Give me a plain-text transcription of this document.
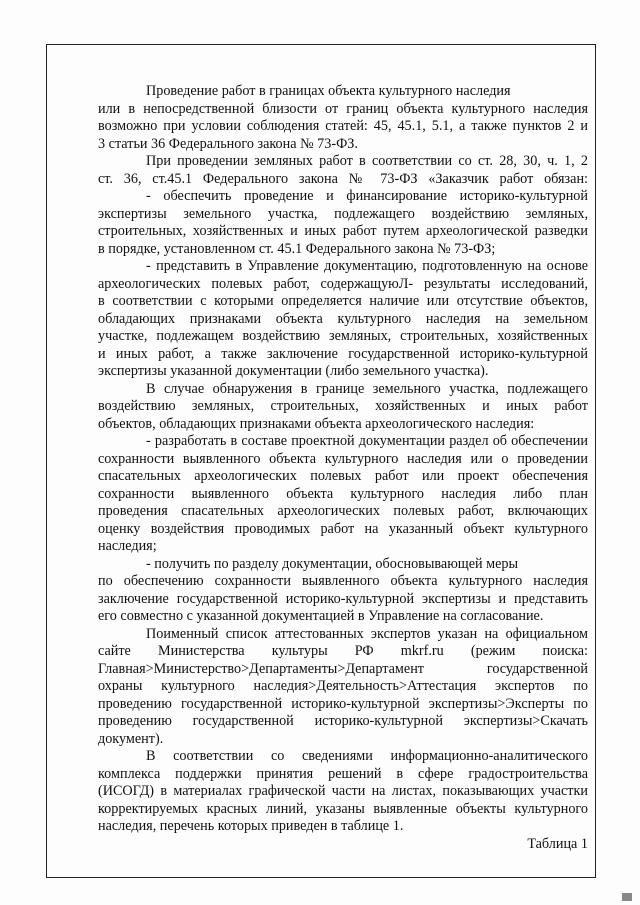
Проведение работ в границах объекта культурного наследия
или в непосредственной близости от границ объекта культурного наследия
возможно при условии соблюдения статей: 45, 45.1, 5.1, а также пунктов 2 и
3 статьи 36 Федерального закона № 73-ФЗ.
При проведении земляных работ в соответствии со ст. 28, 30, ч. 1, 2
ст. 36, ст.45.1 Федерального закона № 73-ФЗ «Заказчик работ обязан:
- обеспечить проведение и финансирование историко-культурной
экспертизы земельного участка, подлежащего воздействию земляных,
строительных, хозяйственных и иных работ путем археологической разведки
в порядке, установленном ст. 45.1 Федерального закона № 73-ФЗ;
- представить в Управление документацию, подготовленную на основе
археологических полевых работ, содержащуюЛ- результаты исследований,
в соответствии с которыми определяется наличие или отсутствие объектов,
обладающих признаками объекта культурного наследия на земельном
участке, подлежащем воздействию земляных, строительных, хозяйственных
и иных работ, а также заключение государственной историко-культурной
экспертизы указанной документации (либо земельного участка).
В случае обнаружения в границе земельного участка, подлежащего
воздействию земляных, строительных, хозяйственных и иных работ
объектов, обладающих признаками объекта археологического наследия:
- разработать в составе проектной документации раздел об обеспечении
сохранности выявленного объекта культурного наследия или о проведении
спасательных археологических полевых работ или проект обеспечения
сохранности выявленного объекта культурного наследия либо план
проведения спасательных археологических полевых работ, включающих
оценку воздействия проводимых работ на указанный объект культурного
наследия;
- получить по разделу документации, обосновывающей меры
по обеспечению сохранности выявленного объекта культурного наследия
заключение государственной историко-культурной экспертизы и представить
его совместно с указанной документацией в Управление на согласование.
Поименный список аттестованных экспертов указан на официальном
сайте Министерства культуры РФ mkrf.ru (режим поиска:
Главная>Министерство>Департаменты>Департамент государственной
охраны культурного наследия>Деятельность>Аттестация экспертов по
проведению государственной историко-культурной экспертизы>Эксперты по
проведению государственной историко-культурной экспертизы>Скачать
документ).
В соответствии со сведениями информационно-аналитического
комплекса поддержки принятия решений в сфере градостроительства
(ИСОГД) в материалах графической части на листах, показывающих участки
корректируемых красных линий, указаны выявленные объекты культурного
наследия, перечень которых приведен в таблице 1.
Таблица 1
